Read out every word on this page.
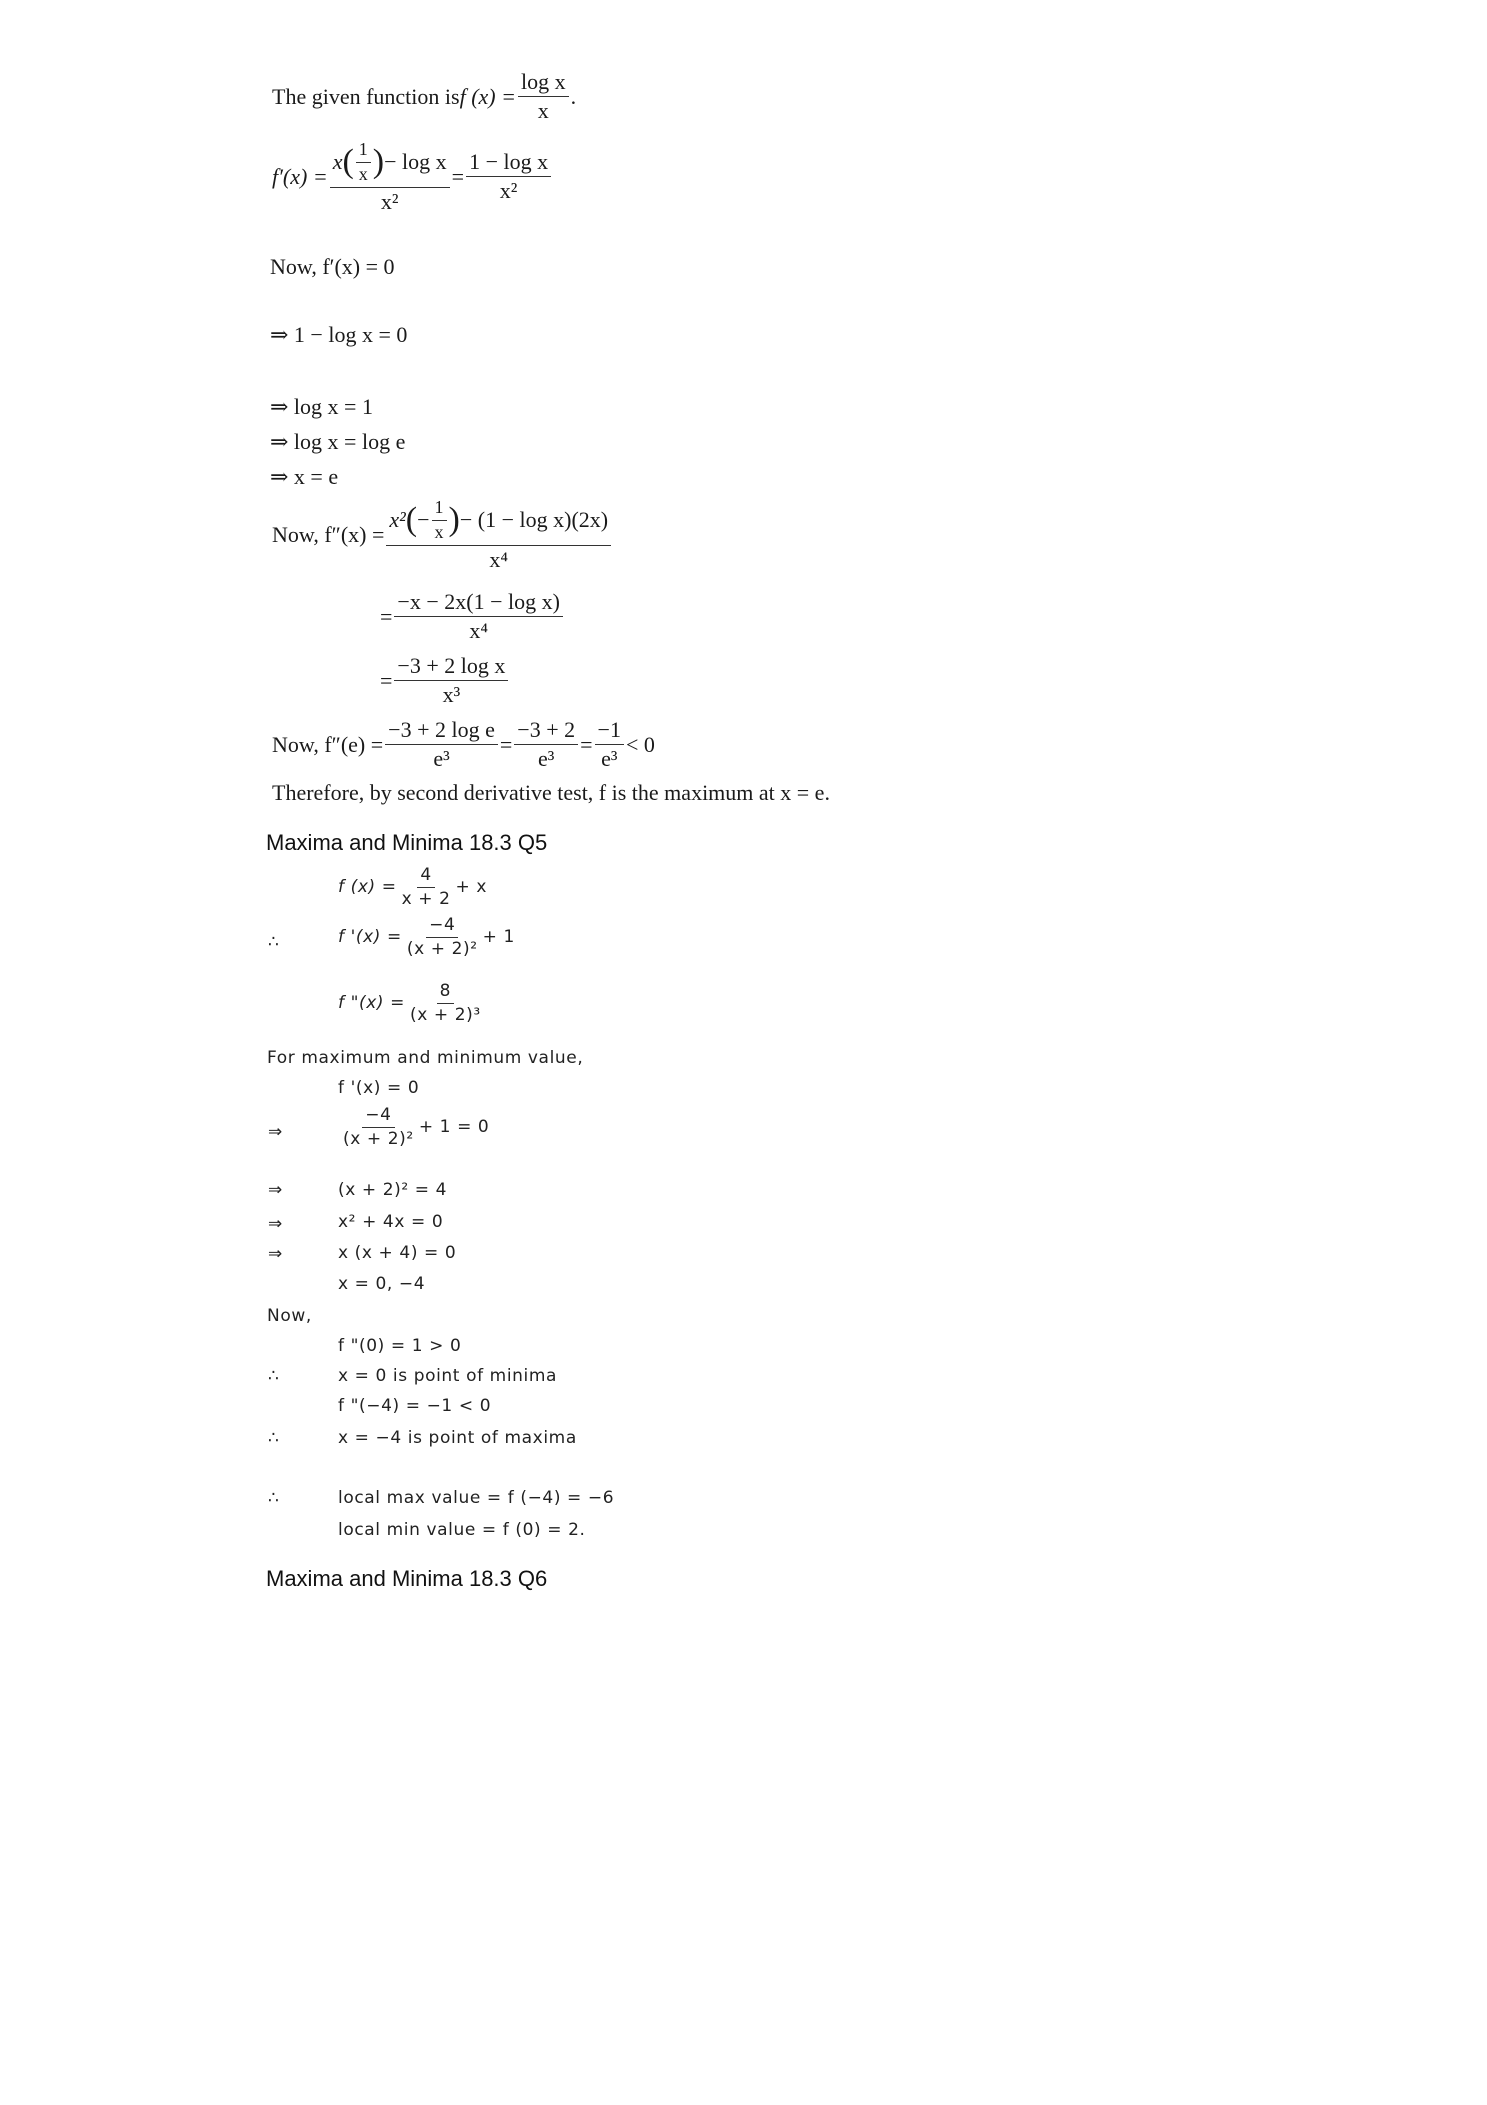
The given function is f $(x) = \frac{\text{log x}}{x}$ .
f′(x) =
x ( $\frac{1}{x}$ ) − log x
x²
= $\frac{\text{1 − log x}}{\text{x²}}$
Now, f′(x) = 0
⇒ 1 − log x = 0
⇒ log x = 1
⇒ log x = log e
⇒ x = e
Now, f″(x) =
x² ( − $\frac{1}{x}$ ) − (1 − log x)(2x)
x⁴
= $\frac{\text{−x − 2x(1 − log x)}}{\text{x⁴}}$
= $\frac{\text{−3 + 2 log x}}{\text{x³}}$
Now, $f''(e) = \frac{\text{−3 + 2 log e}}{\text{e³}} = \frac{-3 + 2}{\text{e³}} = \frac{-1}{\text{e³}} < 0$
Therefore, by second derivative test, f is the maximum at x = e.
Maxima and Minima 18.3 Q5
f $(x) = \frac{4}{x + 2} + x$
∴	f '$(x) = \frac{-4}{\text{(x + 2)²}} + 1$
f "$(x) = \frac{8}{\text{(x + 2)³}}$
For maximum and minimum value,
f '(x) = 0
⇒	$\frac{-4}{\text{(x + 2)²}} + 1 = 0$
⇒	(x + 2)² = 4
⇒	x² + 4x = 0
⇒	x (x + 4) = 0
x = 0, −4
Now,
f "(0) = 1 > 0
∴	x = 0 is point of minima
f "(−4) = −1 < 0
∴	x = −4 is point of maxima
∴	local max value = f (−4) = −6
local min value = f (0) = 2.
Maxima and Minima 18.3 Q6
